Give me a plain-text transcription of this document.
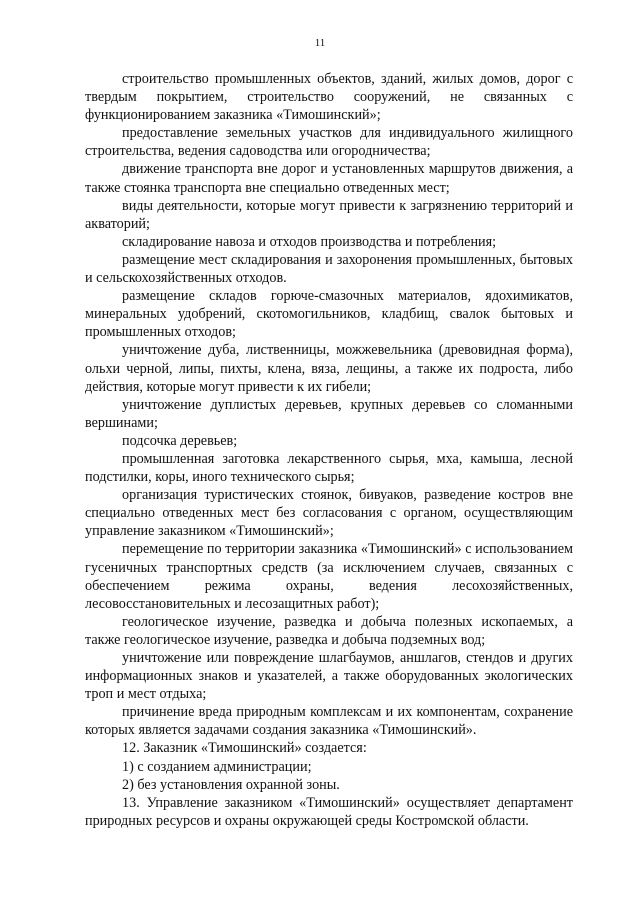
11

строительство промышленных объектов, зданий, жилых домов, дорог с твердым покрытием, строительство сооружений, не связанных с функционированием заказника «Тимошинский»;

предоставление земельных участков для индивидуального жилищного строительства, ведения садоводства или огородничества;

движение транспорта вне дорог и установленных маршрутов движения, а также стоянка транспорта вне специально отведенных мест;

виды деятельности, которые могут привести к загрязнению территорий и акваторий;

складирование навоза и отходов производства и потребления;

размещение мест складирования и захоронения промышленных, бытовых и сельскохозяйственных отходов.

размещение складов горюче-смазочных материалов, ядохимикатов, минеральных удобрений, скотомогильников, кладбищ, свалок бытовых и промышленных отходов;

уничтожение дуба, лиственницы, можжевельника (древовидная форма), ольхи черной, липы, пихты, клена, вяза, лещины, а также их подроста, либо действия, которые могут привести к их гибели;

уничтожение дуплистых деревьев, крупных деревьев со сломанными вершинами;

подсочка деревьев;

промышленная заготовка лекарственного сырья, мха, камыша, лесной подстилки, коры, иного технического сырья;

организация туристических стоянок, бивуаков, разведение костров вне специально отведенных мест без согласования с органом, осуществляющим управление заказником «Тимошинский»;

перемещение по территории заказника «Тимошинский» с использованием гусеничных транспортных средств (за исключением случаев, связанных с обеспечением режима охраны, ведения лесохозяйственных, лесовосстановительных и лесозащитных работ);

геологическое изучение, разведка и добыча полезных ископаемых, а также геологическое изучение, разведка и добыча подземных вод;

уничтожение или повреждение шлагбаумов, аншлагов, стендов и других информационных знаков и указателей, а также оборудованных экологических троп и мест отдыха;

причинение вреда природным комплексам и их компонентам, сохранение которых является задачами создания заказника «Тимошинский».

12. Заказник «Тимошинский» создается:

1) с созданием администрации;

2) без установления охранной зоны.

13. Управление заказником «Тимошинский» осуществляет департамент природных ресурсов и охраны окружающей среды Костромской области.
